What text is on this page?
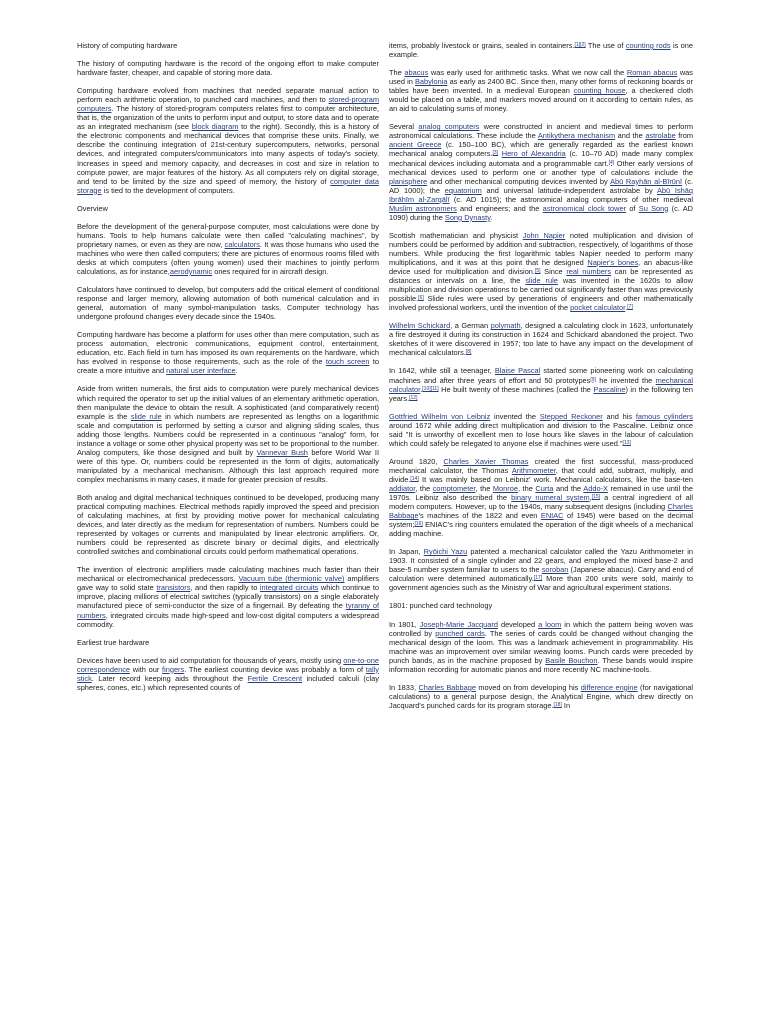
History of computing hardware

The history of computing hardware is the record of the ongoing effort to make computer hardware faster, cheaper, and capable of storing more data.

Computing hardware evolved from machines that needed separate manual action to perform each arithmetic operation, to punched card machines, and then to stored-program computers. The history of stored-program computers relates first to computer architecture, that is, the organization of the units to perform input and output, to store data and to operate as an integrated mechanism (see block diagram to the right). Secondly, this is a history of the electronic components and mechanical devices that comprise these units. Finally, we describe the continuing integration of 21st-century supercomputers, networks, personal devices, and integrated computers/communicators into many aspects of today's society. Increases in speed and memory capacity, and decreases in cost and size in relation to compute power, are major features of the history. As all computers rely on digital storage, and tend to be limited by the size and speed of memory, the history of computer data storage is tied to the development of computers.

Overview

Before the development of the general-purpose computer, most calculations were done by humans. Tools to help humans calculate were then called "calculating machines", by proprietary names, or even as they are now, calculators. It was those humans who used the machines who were then called computers; there are pictures of enormous rooms filled with desks at which computers (often young women) used their machines to jointly perform calculations, as for instance,aerodynamic ones required for in aircraft design.

Calculators have continued to develop, but computers add the critical element of conditional response and larger memory, allowing automation of both numerical calculation and in general, automation of many symbol-manipulation tasks. Computer technology has undergone profound changes every decade since the 1940s.

Computing hardware has become a platform for uses other than mere computation, such as process automation, electronic communications, equipment control, entertainment, education, etc. Each field in turn has imposed its own requirements on the hardware, which has evolved in response to those requirements, such as the role of the touch screen to create a more intuitive and natural user interface.

Aside from written numerals, the first aids to computation were purely mechanical devices which required the operator to set up the initial values of an elementary arithmetic operation, then manipulate the device to obtain the result. A sophisticated (and comparatively recent) example is the slide rule in which numbers are represented as lengths on a logarithmic scale and computation is performed by setting a cursor and aligning sliding scales, thus adding those lengths. Numbers could be represented in a continuous "analog" form, for instance a voltage or some other physical property was set to be proportional to the number. Analog computers, like those designed and built by Vannevar Bush before World War II were of this type. Or, numbers could be represented in the form of digits, automatically manipulated by a mechanical mechanism. Although this last approach required more complex mechanisms in many cases, it made for greater precision of results.

Both analog and digital mechanical techniques continued to be developed, producing many practical computing machines. Electrical methods rapidly improved the speed and precision of calculating machines, at first by providing motive power for mechanical calculating devices, and later directly as the medium for representation of numbers. Numbers could be represented by voltages or currents and manipulated by linear electronic amplifiers. Or, numbers could be represented as discrete binary or decimal digits, and electrically controlled switches and combinational circuits could perform mathematical operations.

The invention of electronic amplifiers made calculating machines much faster than their mechanical or electromechanical predecessors. Vacuum tube (thermionic valve) amplifiers gave way to solid state transistors, and then rapidly to integrated circuits which continue to improve, placing millions of electrical switches (typically transistors) on a single elaborately manufactured piece of semi-conductor the size of a fingernail. By defeating the tyranny of numbers, integrated circuits made high-speed and low-cost digital computers a widespread commodity.

Earliest true hardware

Devices have been used to aid computation for thousands of years, mostly using one-to-one correspondence with our fingers. The earliest counting device was probably a form of tally stick. Later record keeping aids throughout the Fertile Crescent included calculi (clay spheres, cones, etc.) which represented counts of

items, probably livestock or grains, sealed in containers.[1][2] The use of counting rods is one example.

The abacus was early used for arithmetic tasks. What we now call the Roman abacus was used in Babylonia as early as 2400 BC. Since then, many other forms of reckoning boards or tables have been invented. In a medieval European counting house, a checkered cloth would be placed on a table, and markers moved around on it according to certain rules, as an aid to calculating sums of money.

Several analog computers were constructed in ancient and medieval times to perform astronomical calculations. These include the Antikythera mechanism and the astrolabe from ancient Greece (c. 150–100 BC), which are generally regarded as the earliest known mechanical analog computers.[3] Hero of Alexandria (c. 10–70 AD) made many complex mechanical devices including automata and a programmable cart.[4] Other early versions of mechanical devices used to perform one or another type of calculations include the planisphere and other mechanical computing devices invented by Abū Rayhān al-Bīrūnī (c. AD 1000); the equatorium and universal latitude-independent astrolabe by Abū Ishāq Ibrāhīm al-Zarqālī (c. AD 1015); the astronomical analog computers of other medieval Muslim astronomers and engineers; and the astronomical clock tower of Su Song (c. AD 1090) during the Song Dynasty.

Scottish mathematician and physicist John Napier noted multiplication and division of numbers could be performed by addition and subtraction, respectively, of logarithms of those numbers. While producing the first logarithmic tables Napier needed to perform many multiplications, and it was at this point that he designed Napier's bones, an abacus-like device used for multiplication and division.[5] Since real numbers can be represented as distances or intervals on a line, the slide rule was invented in the 1620s to allow multiplication and division operations to be carried out significantly faster than was previously possible.[6] Slide rules were used by generations of engineers and other mathematically involved professional workers, until the invention of the pocket calculator.[7]

Wilhelm Schickard, a German polymath, designed a calculating clock in 1623, unfortunately a fire destroyed it during its construction in 1624 and Schickard abandoned the project. Two sketches of it were discovered in 1957; too late to have any impact on the development of mechanical calculators.[8]

In 1642, while still a teenager, Blaise Pascal started some pioneering work on calculating machines and after three years of effort and 50 prototypes[9] he invented the mechanical calculator.[10][11] He built twenty of these machines (called the Pascaline) in the following ten years.[12]

Gottfried Wilhelm von Leibniz invented the Stepped Reckoner and his famous cylinders around 1672 while adding direct multiplication and division to the Pascaline. Leibniz once said "It is unworthy of excellent men to lose hours like slaves in the labour of calculation which could safely be relegated to anyone else if machines were used."[13]

Around 1820, Charles Xavier Thomas created the first successful, mass-produced mechanical calculator, the Thomas Arithmometer, that could add, subtract, multiply, and divide.[14] It was mainly based on Leibniz' work. Mechanical calculators, like the base-ten addiator, the comptometer, the Monroe, the Curta and the Addo-X remained in use until the 1970s. Leibniz also described the binary numeral system,[15] a central ingredient of all modern computers. However, up to the 1940s, many subsequent designs (including Charles Babbage's machines of the 1822 and even ENIAC of 1945) were based on the decimal system;[16] ENIAC's ring counters emulated the operation of the digit wheels of a mechanical adding machine.

In Japan, Ryōichi Yazu patented a mechanical calculator called the Yazu Arithmometer in 1903. It consisted of a single cylinder and 22 gears, and employed the mixed base-2 and base-5 number system familiar to users to the soroban (Japanese abacus). Carry and end of calculation were determined automatically.[17] More than 200 units were sold, mainly to government agencies such as the Ministry of War and agricultural experiment stations.

1801: punched card technology

In 1801, Joseph-Marie Jacquard developed a loom in which the pattern being woven was controlled by punched cards. The series of cards could be changed without changing the mechanical design of the loom. This was a landmark achievement in programmability. His machine was an improvement over similar weaving looms. Punch cards were preceded by punch bands, as in the machine proposed by Basile Bouchon. These bands would inspire information recording for automatic pianos and more recently NC machine-tools.

In 1833, Charles Babbage moved on from developing his difference engine (for navigational calculations) to a general purpose design, the Analytical Engine, which drew directly on Jacquard's punched cards for its program storage.[18] In
